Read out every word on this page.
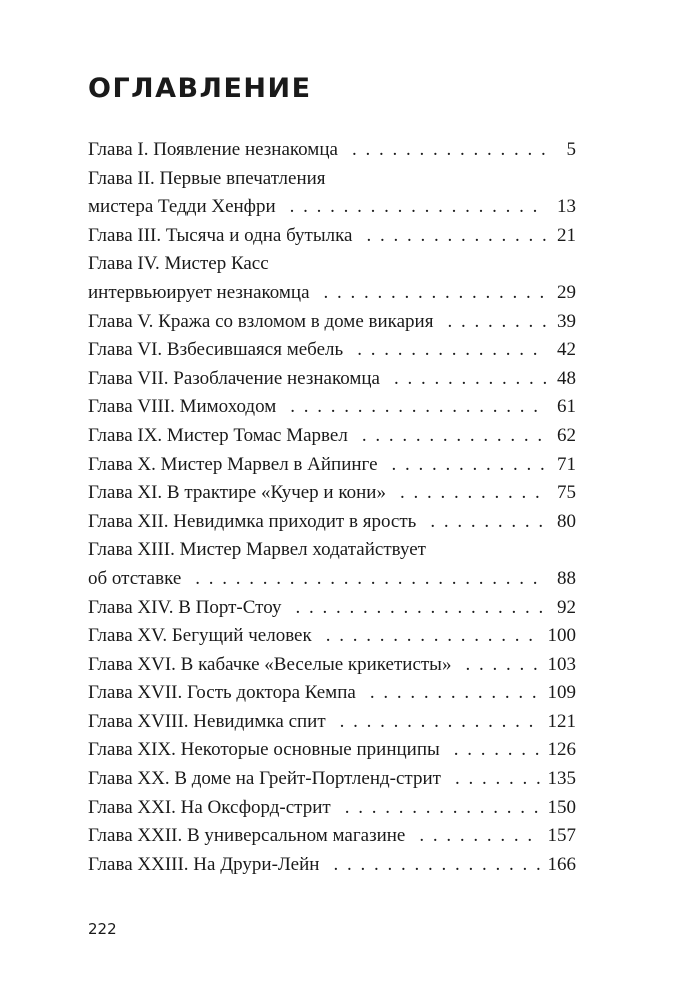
ОГЛАВЛЕНИЕ
Глава I. Появление незнакомца . . .	5
Глава II. Первые впечатления
мистера Тедди Хенфри . . .	13
Глава III. Тысяча и одна бутылка . . .	21
Глава IV. Мистер Касс
интервьюирует незнакомца . . .	29
Глава V. Кража со взломом в доме викария . . .	39
Глава VI. Взбесившаяся мебель . . .	42
Глава VII. Разоблачение незнакомца . . .	48
Глава VIII. Мимоходом . . .	61
Глава IX. Мистер Томас Марвел . . .	62
Глава X. Мистер Марвел в Айпинге . . .	71
Глава XI. В трактире «Кучер и кони» . . .	75
Глава XII. Невидимка приходит в ярость . . .	80
Глава XIII. Мистер Марвел ходатайствует
об отставке . . .	88
Глава XIV. В Порт-Стоу . . .	92
Глава XV. Бегущий человек . . .	100
Глава XVI. В кабачке «Веселые крикетисты» . . .	103
Глава XVII. Гость доктора Кемпа . . .	109
Глава XVIII. Невидимка спит . . .	121
Глава XIX. Некоторые основные принципы . . .	126
Глава XX. В доме на Грейт-Портленд-стрит . . .	135
Глава XXI. На Оксфорд-стрит . . .	150
Глава XXII. В универсальном магазине . . .	157
Глава XXIII. На Друри-Лейн . . .	166
222
